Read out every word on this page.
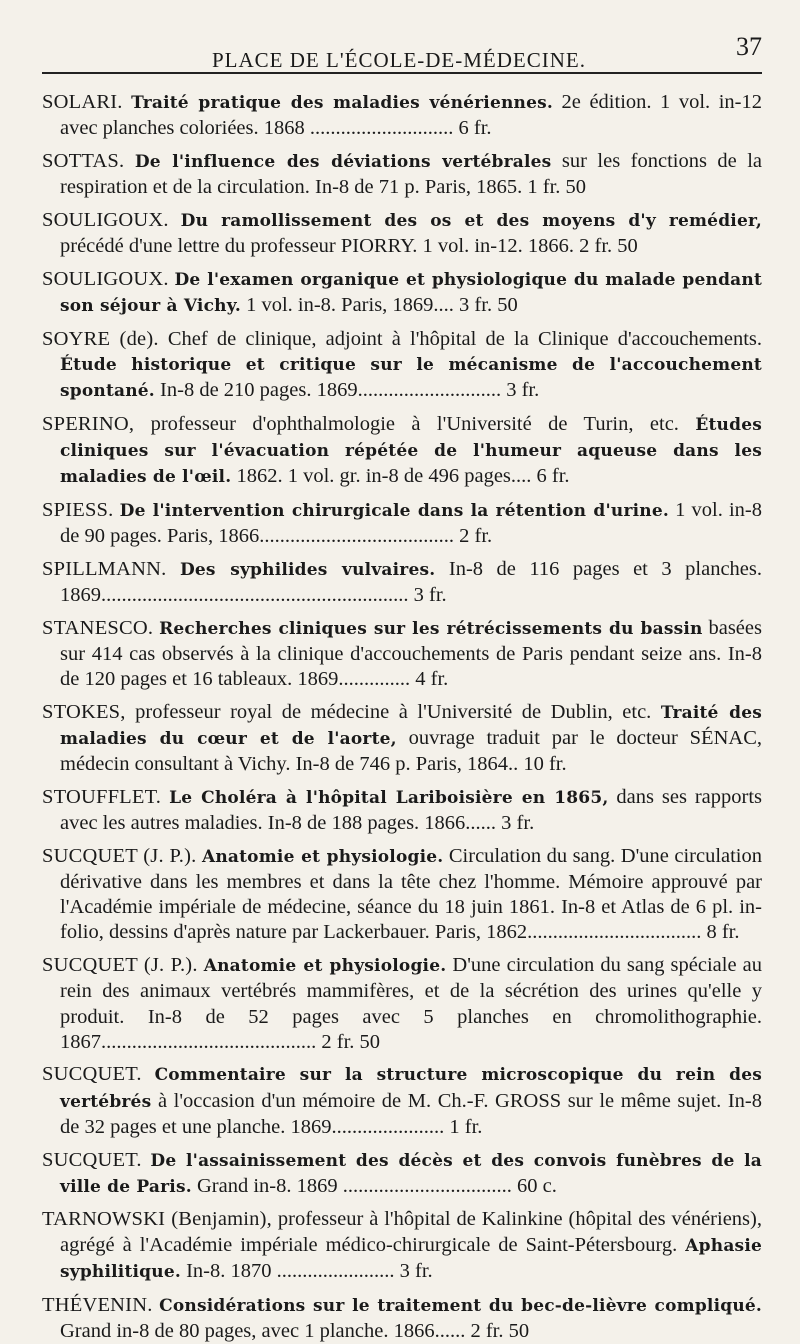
PLACE DE L'ÉCOLE-DE-MÉDECINE.	37

SOLARI. Traité pratique des maladies vénériennes. 2e édition. 1 vol. in-12 avec planches coloriées. 1868 ............................ 6 fr.

SOTTAS. De l'influence des déviations vertébrales sur les fonctions de la respiration et de la circulation. In-8 de 71 p. Paris, 1865. 1 fr. 50

SOULIGOUX. Du ramollissement des os et des moyens d'y remédier, précédé d'une lettre du professeur PIORRY. 1 vol. in-12. 1866. 2 fr. 50

SOULIGOUX. De l'examen organique et physiologique du malade pendant son séjour à Vichy. 1 vol. in-8. Paris, 1869.... 3 fr. 50

SOYRE (de). Chef de clinique, adjoint à l'hôpital de la Clinique d'accouchements. Étude historique et critique sur le mécanisme de l'accouchement spontané. In-8 de 210 pages. 1869............................ 3 fr.

SPERINO, professeur d'ophthalmologie à l'Université de Turin, etc. Études cliniques sur l'évacuation répétée de l'humeur aqueuse dans les maladies de l'œil. 1862. 1 vol. gr. in-8 de 496 pages.... 6 fr.

SPIESS. De l'intervention chirurgicale dans la rétention d'urine. 1 vol. in-8 de 90 pages. Paris, 1866...................................... 2 fr.

SPILLMANN. Des syphilides vulvaires. In-8 de 116 pages et 3 planches. 1869............................................................ 3 fr.

STANESCO. Recherches cliniques sur les rétrécissements du bassin basées sur 414 cas observés à la clinique d'accouchements de Paris pendant seize ans. In-8 de 120 pages et 16 tableaux. 1869.............. 4 fr.

STOKES, professeur royal de médecine à l'Université de Dublin, etc. Traité des maladies du cœur et de l'aorte, ouvrage traduit par le docteur SÉNAC, médecin consultant à Vichy. In-8 de 746 p. Paris, 1864.. 10 fr.

STOUFFLET. Le Choléra à l'hôpital Lariboisière en 1865, dans ses rapports avec les autres maladies. In-8 de 188 pages. 1866...... 3 fr.

SUCQUET (J. P.). Anatomie et physiologie. Circulation du sang. D'une circulation dérivative dans les membres et dans la tête chez l'homme. Mémoire approuvé par l'Académie impériale de médecine, séance du 18 juin 1861. In-8 et Atlas de 6 pl. in-folio, dessins d'après nature par Lackerbauer. Paris, 1862.................................. 8 fr.

SUCQUET (J. P.). Anatomie et physiologie. D'une circulation du sang spéciale au rein des animaux vertébrés mammifères, et de la sécrétion des urines qu'elle y produit. In-8 de 52 pages avec 5 planches en chromolithographie. 1867.......................................... 2 fr. 50

SUCQUET. Commentaire sur la structure microscopique du rein des vertébrés à l'occasion d'un mémoire de M. Ch.-F. GROSS sur le même sujet. In-8 de 32 pages et une planche. 1869...................... 1 fr.

SUCQUET. De l'assainissement des décès et des convois funèbres de la ville de Paris. Grand in-8. 1869 ................................. 60 c.

TARNOWSKI (Benjamin), professeur à l'hôpital de Kalinkine (hôpital des vénériens), agrégé à l'Académie impériale médico-chirurgicale de Saint-Pétersbourg. Aphasie syphilitique. In-8. 1870 ....................... 3 fr.

THÉVENIN. Considérations sur le traitement du bec-de-lièvre compliqué. Grand in-8 de 80 pages, avec 1 planche. 1866...... 2 fr. 50
